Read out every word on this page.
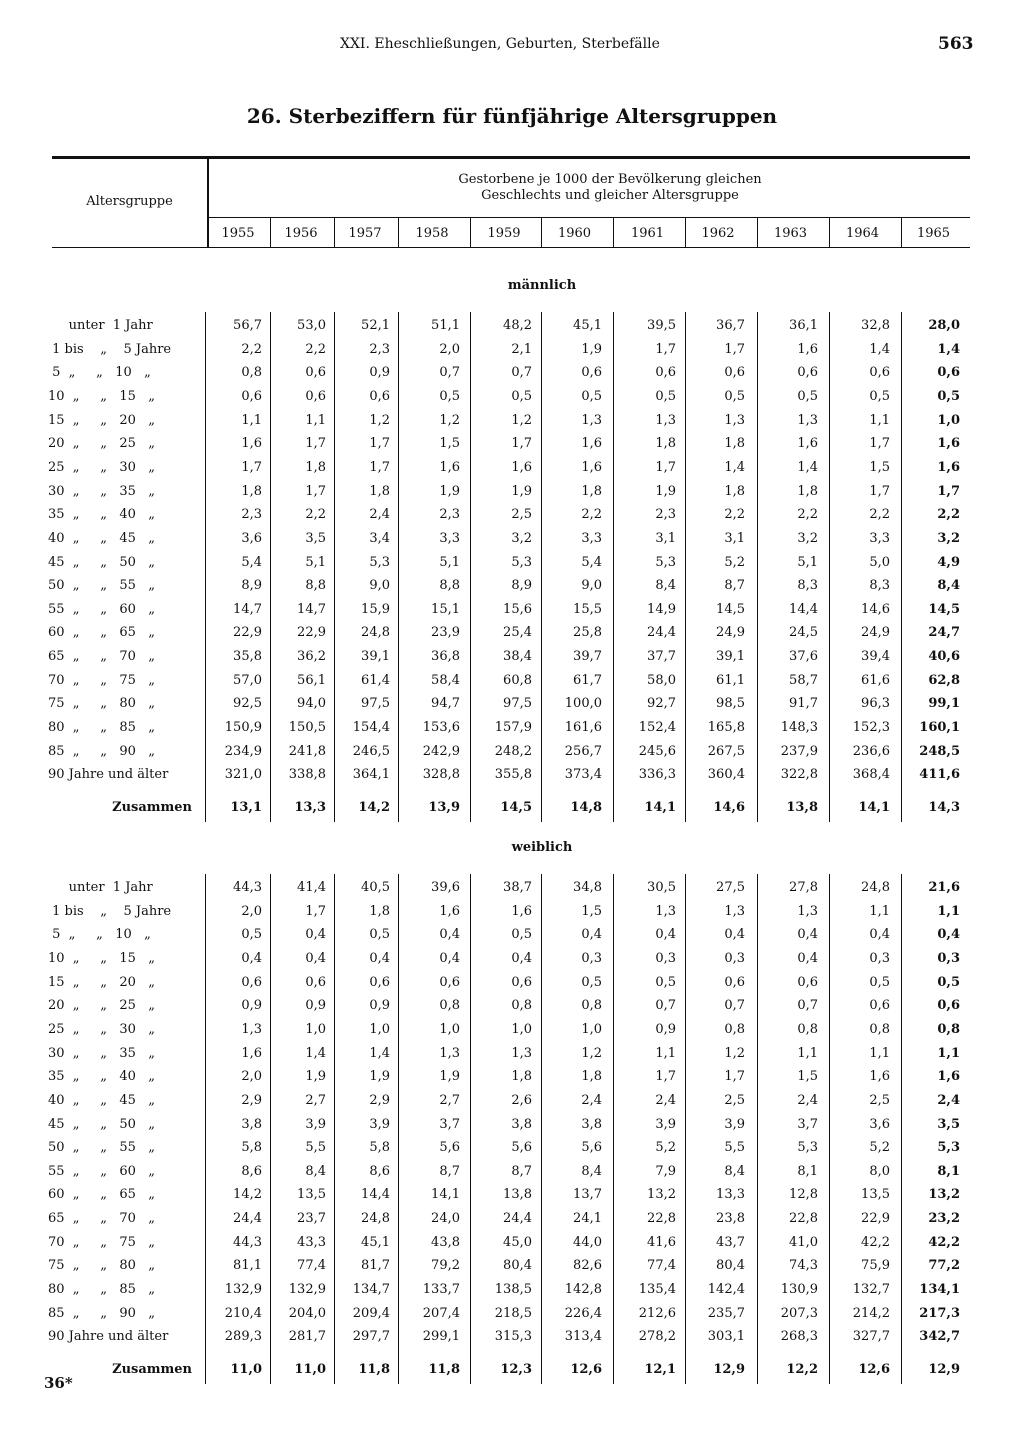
XXI. Eheschließungen, Geburten, Sterbefälle	563
26. Sterbeziffern für fünfjährige Altersgruppen
Altersgruppe
Gestorbene je 1000 der Bevölkerung gleichen
Geschlechts und gleicher Altersgruppe
1955	1956	1957	1958	1959	1960	1961	1962	1963	1964	1965
männlich
unter  1 Jahr	56,7	53,0	52,1	51,1	48,2	45,1	39,5	36,7	36,1	32,8	28,0
1 bis    „    5 Jahre	2,2	2,2	2,3	2,0	2,1	1,9	1,7	1,7	1,6	1,4	1,4
5  „     „   10   „	0,8	0,6	0,9	0,7	0,7	0,6	0,6	0,6	0,6	0,6	0,6
10  „     „   15   „	0,6	0,6	0,6	0,5	0,5	0,5	0,5	0,5	0,5	0,5	0,5
15  „     „   20   „	1,1	1,1	1,2	1,2	1,2	1,3	1,3	1,3	1,3	1,1	1,0
20  „     „   25   „	1,6	1,7	1,7	1,5	1,7	1,6	1,8	1,8	1,6	1,7	1,6
25  „     „   30   „	1,7	1,8	1,7	1,6	1,6	1,6	1,7	1,4	1,4	1,5	1,6
30  „     „   35   „	1,8	1,7	1,8	1,9	1,9	1,8	1,9	1,8	1,8	1,7	1,7
35  „     „   40   „	2,3	2,2	2,4	2,3	2,5	2,2	2,3	2,2	2,2	2,2	2,2
40  „     „   45   „	3,6	3,5	3,4	3,3	3,2	3,3	3,1	3,1	3,2	3,3	3,2
45  „     „   50   „	5,4	5,1	5,3	5,1	5,3	5,4	5,3	5,2	5,1	5,0	4,9
50  „     „   55   „	8,9	8,8	9,0	8,8	8,9	9,0	8,4	8,7	8,3	8,3	8,4
55  „     „   60   „	14,7	14,7	15,9	15,1	15,6	15,5	14,9	14,5	14,4	14,6	14,5
60  „     „   65   „	22,9	22,9	24,8	23,9	25,4	25,8	24,4	24,9	24,5	24,9	24,7
65  „     „   70   „	35,8	36,2	39,1	36,8	38,4	39,7	37,7	39,1	37,6	39,4	40,6
70  „     „   75   „	57,0	56,1	61,4	58,4	60,8	61,7	58,0	61,1	58,7	61,6	62,8
75  „     „   80   „	92,5	94,0	97,5	94,7	97,5	100,0	92,7	98,5	91,7	96,3	99,1
80  „     „   85   „	150,9	150,5	154,4	153,6	157,9	161,6	152,4	165,8	148,3	152,3	160,1
85  „     „   90   „	234,9	241,8	246,5	242,9	248,2	256,7	245,6	267,5	237,9	236,6	248,5
90 Jahre und älter	321,0	338,8	364,1	328,8	355,8	373,4	336,3	360,4	322,8	368,4	411,6
Zusammen	13,1	13,3	14,2	13,9	14,5	14,8	14,1	14,6	13,8	14,1	14,3
weiblich
unter  1 Jahr	44,3	41,4	40,5	39,6	38,7	34,8	30,5	27,5	27,8	24,8	21,6
1 bis    „    5 Jahre	2,0	1,7	1,8	1,6	1,6	1,5	1,3	1,3	1,3	1,1	1,1
5  „     „   10   „	0,5	0,4	0,5	0,4	0,5	0,4	0,4	0,4	0,4	0,4	0,4
10  „     „   15   „	0,4	0,4	0,4	0,4	0,4	0,3	0,3	0,3	0,4	0,3	0,3
15  „     „   20   „	0,6	0,6	0,6	0,6	0,6	0,5	0,5	0,6	0,6	0,5	0,5
20  „     „   25   „	0,9	0,9	0,9	0,8	0,8	0,8	0,7	0,7	0,7	0,6	0,6
25  „     „   30   „	1,3	1,0	1,0	1,0	1,0	1,0	0,9	0,8	0,8	0,8	0,8
30  „     „   35   „	1,6	1,4	1,4	1,3	1,3	1,2	1,1	1,2	1,1	1,1	1,1
35  „     „   40   „	2,0	1,9	1,9	1,9	1,8	1,8	1,7	1,7	1,5	1,6	1,6
40  „     „   45   „	2,9	2,7	2,9	2,7	2,6	2,4	2,4	2,5	2,4	2,5	2,4
45  „     „   50   „	3,8	3,9	3,9	3,7	3,8	3,8	3,9	3,9	3,7	3,6	3,5
50  „     „   55   „	5,8	5,5	5,8	5,6	5,6	5,6	5,2	5,5	5,3	5,2	5,3
55  „     „   60   „	8,6	8,4	8,6	8,7	8,7	8,4	7,9	8,4	8,1	8,0	8,1
60  „     „   65   „	14,2	13,5	14,4	14,1	13,8	13,7	13,2	13,3	12,8	13,5	13,2
65  „     „   70   „	24,4	23,7	24,8	24,0	24,4	24,1	22,8	23,8	22,8	22,9	23,2
70  „     „   75   „	44,3	43,3	45,1	43,8	45,0	44,0	41,6	43,7	41,0	42,2	42,2
75  „     „   80   „	81,1	77,4	81,7	79,2	80,4	82,6	77,4	80,4	74,3	75,9	77,2
80  „     „   85   „	132,9	132,9	134,7	133,7	138,5	142,8	135,4	142,4	130,9	132,7	134,1
85  „     „   90   „	210,4	204,0	209,4	207,4	218,5	226,4	212,6	235,7	207,3	214,2	217,3
90 Jahre und älter	289,3	281,7	297,7	299,1	315,3	313,4	278,2	303,1	268,3	327,7	342,7
Zusammen	11,0	11,0	11,8	11,8	12,3	12,6	12,1	12,9	12,2	12,6	12,9
36*
